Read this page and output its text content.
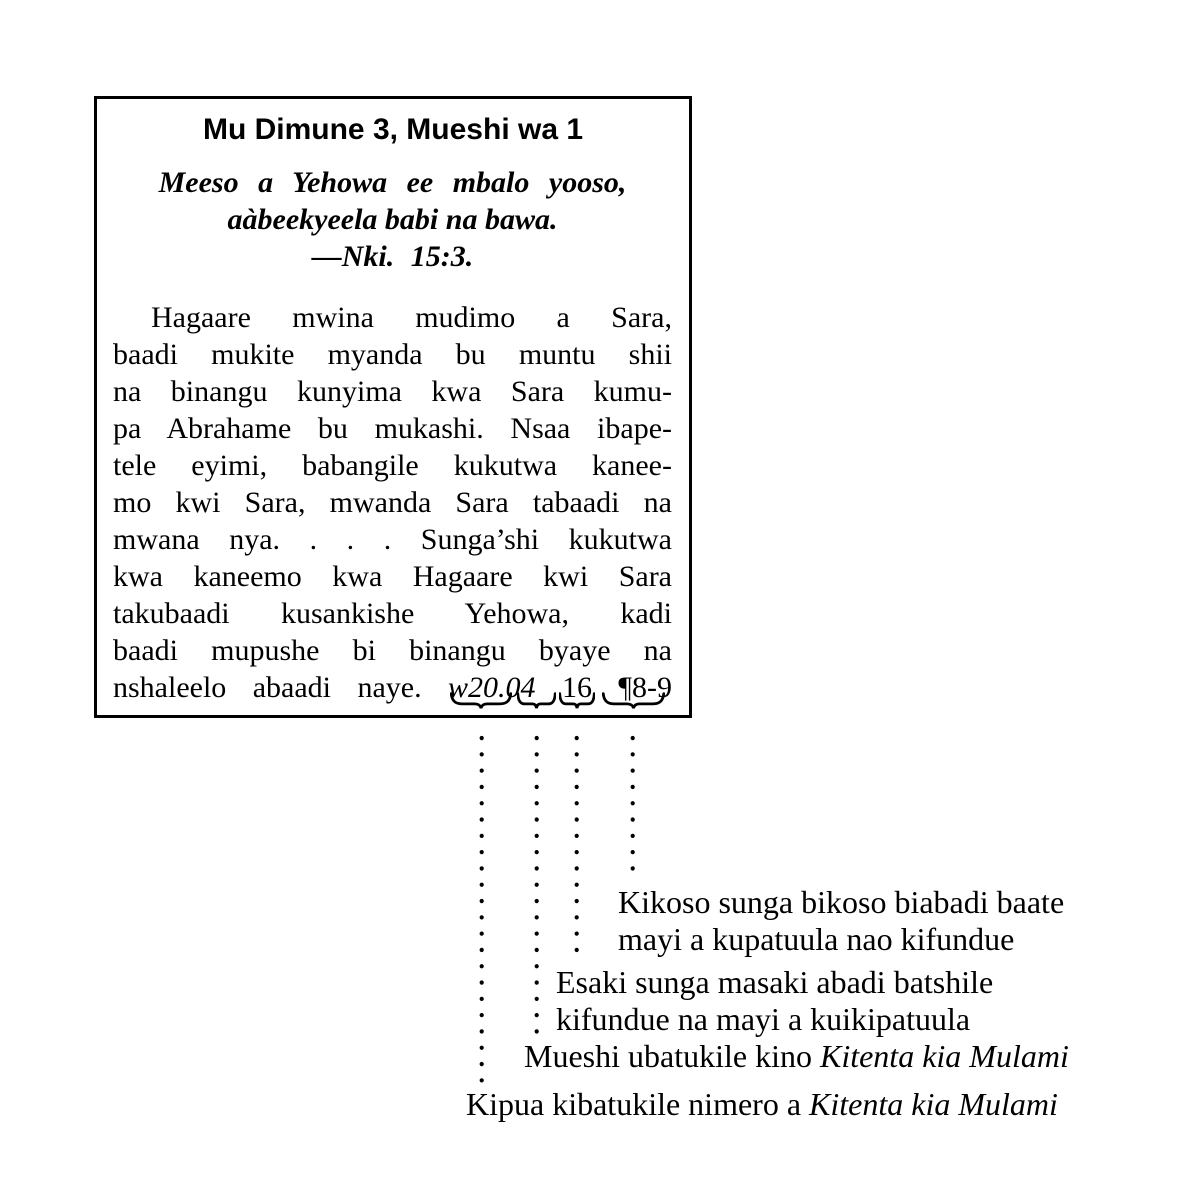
Mu Dimune 3, Mueshi wa 1
Meeso a Yehowa ee mbalo yooso,
aàbeekyeela babi na bawa.
—Nki. 15:3.
Hagaare mwina mudimo a Sara,
baadi mukite myanda bu muntu shii
na binangu kunyima kwa Sara kumu-
pa Abrahame bu mukashi. Nsaa ibape-
tele eyimi, babangile kukutwa kanee-
mo kwi Sara, mwanda Sara tabaadi na
mwana nya. . . . Sunga’shi kukutwa
kwa kaneemo kwa Hagaare kwi Sara
takubaadi kusankishe Yehowa, kadi
baadi mupushe bi binangu byaye na
nshaleelo abaadi naye. w20.04 16 ¶8-9
Kikoso sunga bikoso biabadi baate
mayi a kupatuula nao kifundue
Esaki sunga masaki abadi batshile
kifundue na mayi a kuikipatuula
Mueshi ubatukile kino Kitenta kia Mulami
Kipua kibatukile nimero a Kitenta kia Mulami
